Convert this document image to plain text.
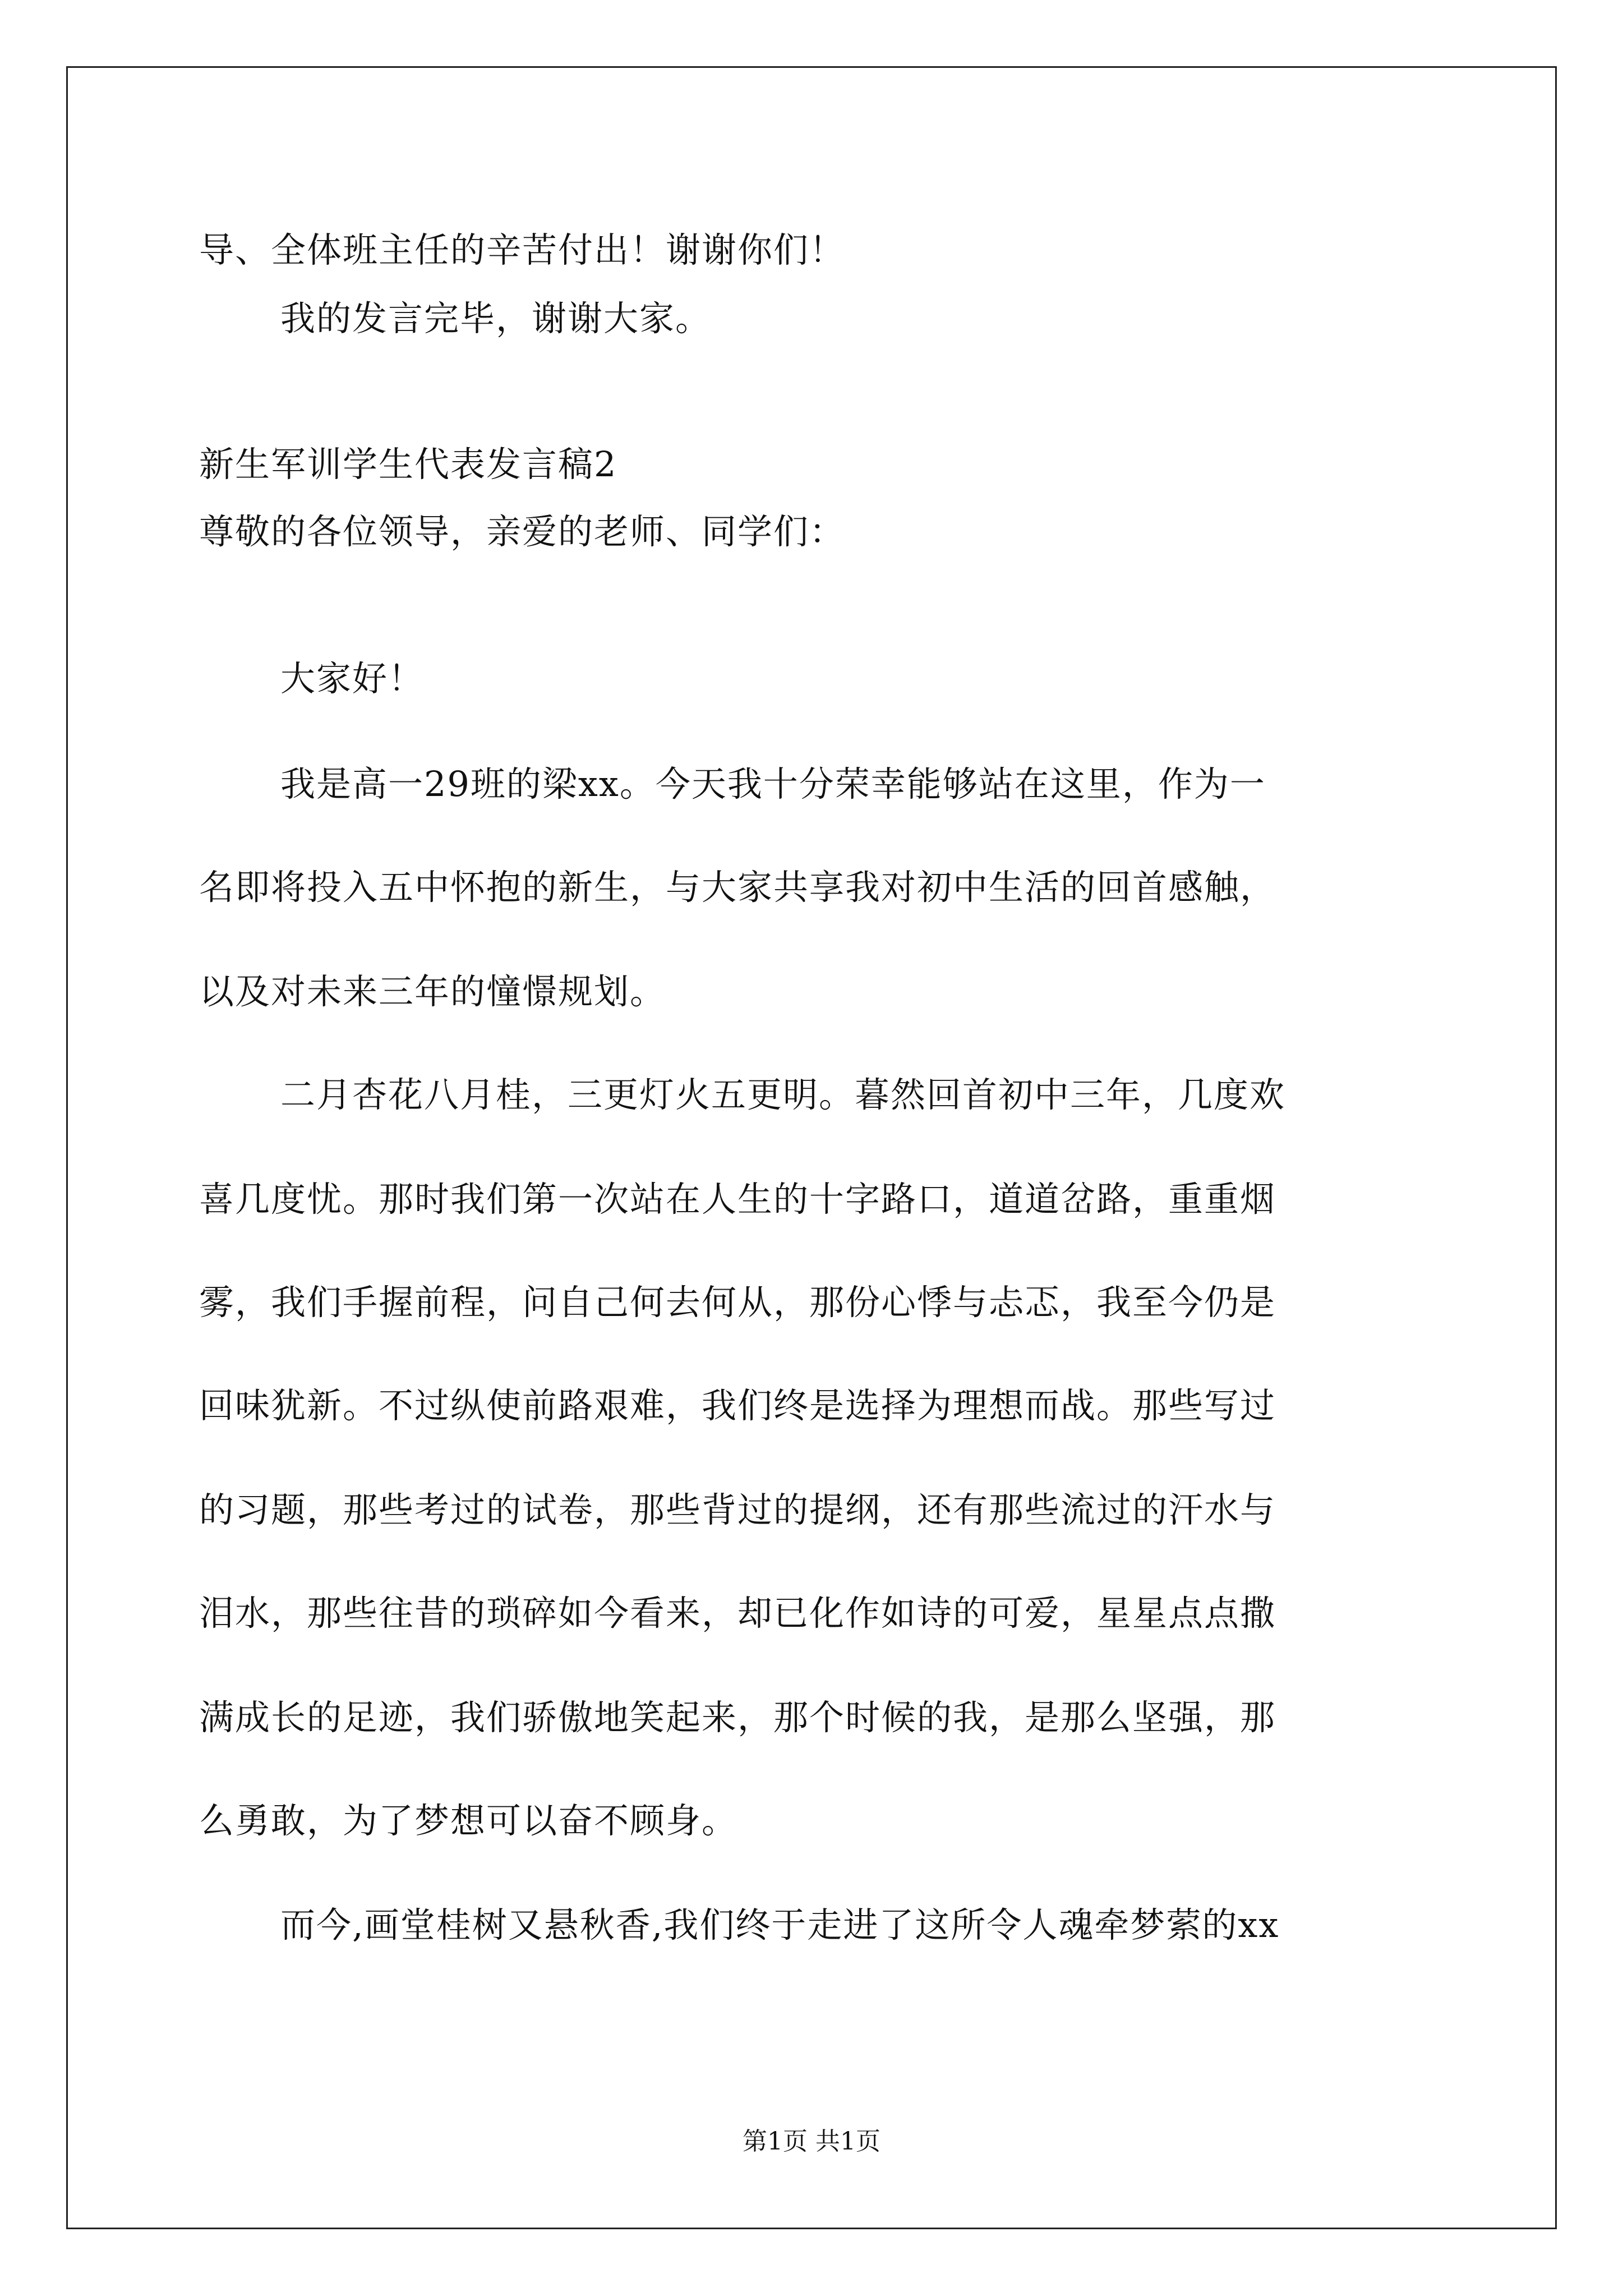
导、全体班主任的辛苦付出！谢谢你们！
我的发言完毕，谢谢大家。
新生军训学生代表发言稿2
尊敬的各位领导，亲爱的老师、同学们：
大家好！
我是高一29班的梁xx。今天我十分荣幸能够站在这里，作为一
名即将投入五中怀抱的新生，与大家共享我对初中生活的回首感触，
以及对未来三年的憧憬规划。
二月杏花八月桂，三更灯火五更明。暮然回首初中三年，几度欢
喜几度忧。那时我们第一次站在人生的十字路口，道道岔路，重重烟
雾，我们手握前程，问自己何去何从，那份心悸与忐忑，我至今仍是
回味犹新。不过纵使前路艰难，我们终是选择为理想而战。那些写过
的习题，那些考过的试卷，那些背过的提纲，还有那些流过的汗水与
泪水，那些往昔的琐碎如今看来，却已化作如诗的可爱，星星点点撒
满成长的足迹，我们骄傲地笑起来，那个时候的我，是那么坚强，那
么勇敢，为了梦想可以奋不顾身。
而今,画堂桂树又悬秋香,我们终于走进了这所令人魂牵梦萦的xx
第1页 共1页
